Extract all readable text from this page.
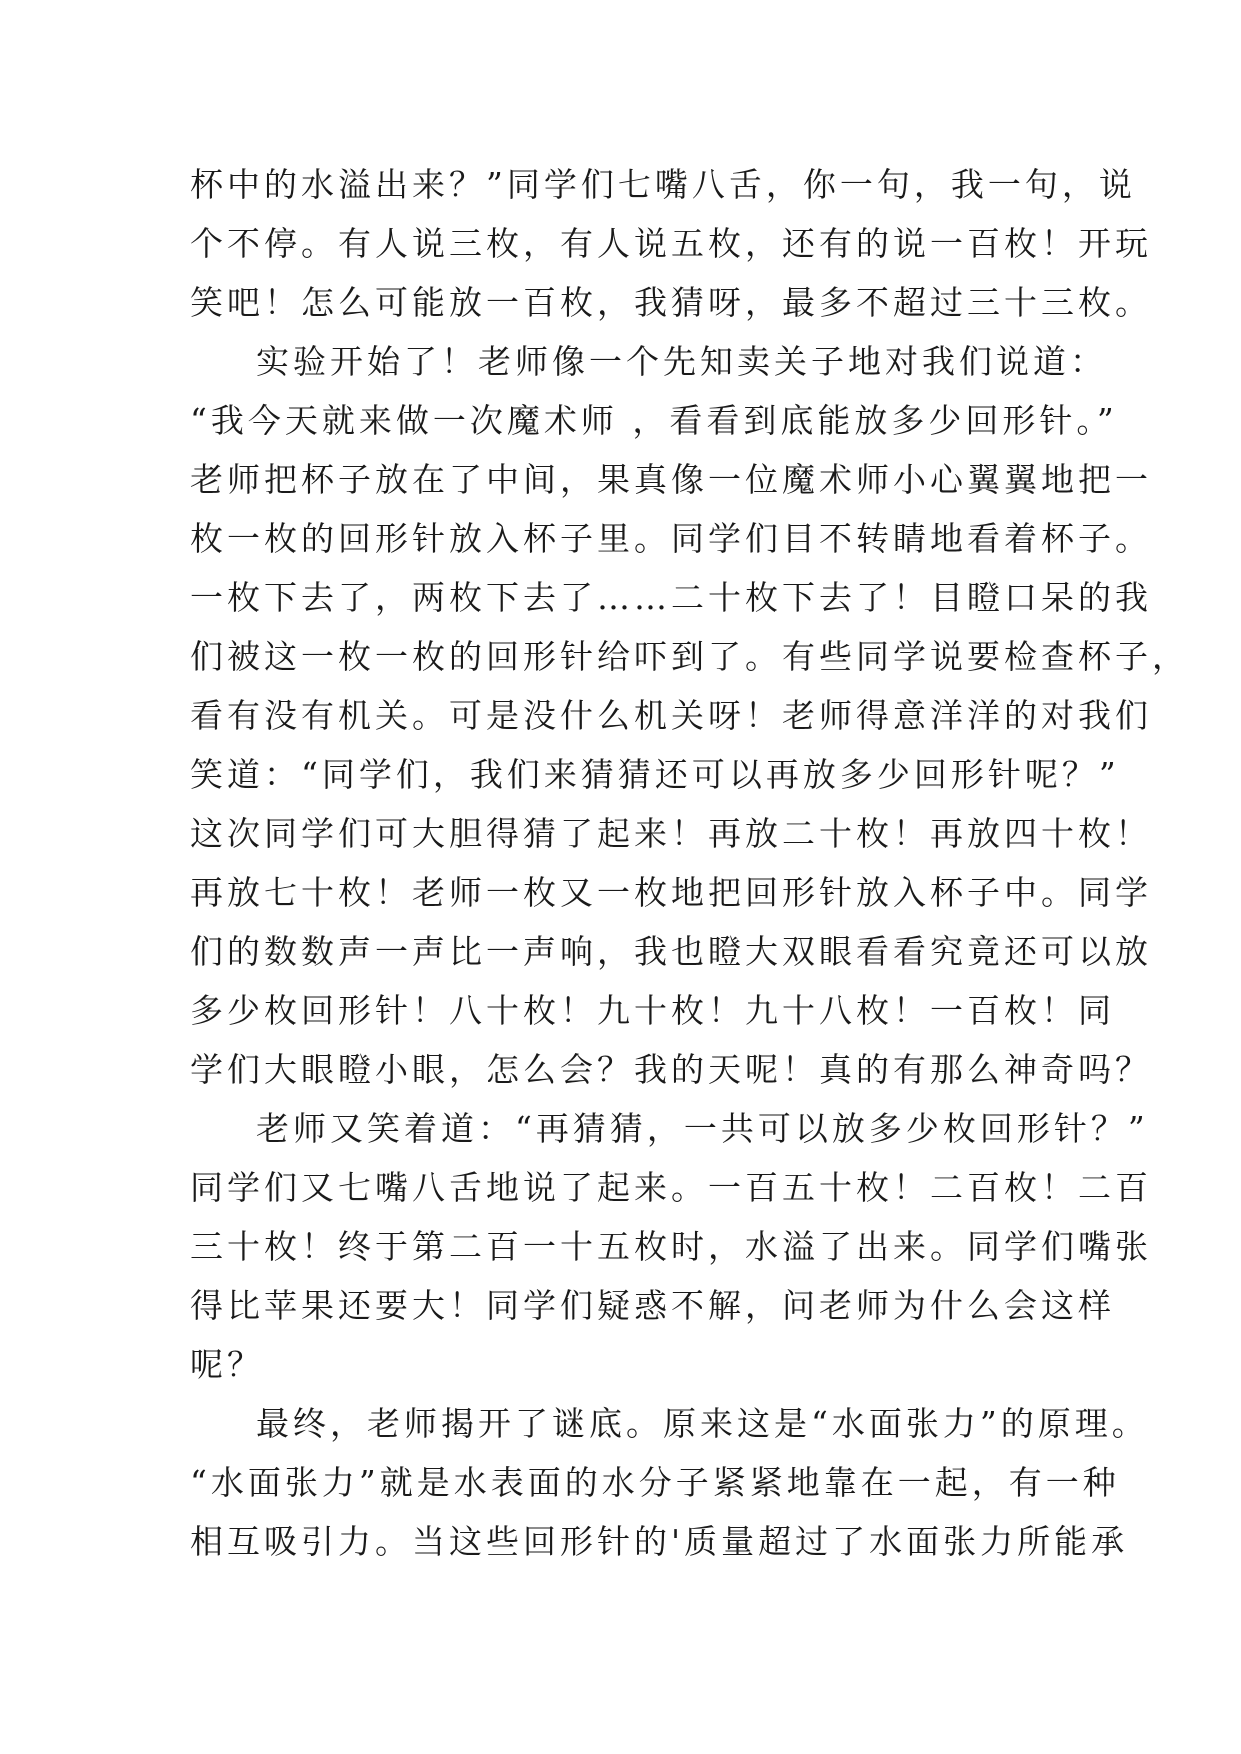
杯中的水溢出来？”同学们七嘴八舌，你一句，我一句，说
个不停。有人说三枚，有人说五枚，还有的说一百枚！开玩
笑吧！怎么可能放一百枚，我猜呀，最多不超过三十三枚。
实验开始了！老师像一个先知卖关子地对我们说道：
“我今天就来做一次魔术师 ，看看到底能放多少回形针。”
老师把杯子放在了中间，果真像一位魔术师小心翼翼地把一
枚一枚的回形针放入杯子里。同学们目不转睛地看着杯子。
一枚下去了，两枚下去了……二十枚下去了！目瞪口呆的我
们被这一枚一枚的回形针给吓到了。有些同学说要检查杯子，
看有没有机关。可是没什么机关呀！老师得意洋洋的对我们
笑道：“同学们，我们来猜猜还可以再放多少回形针呢？”
这次同学们可大胆得猜了起来！再放二十枚！再放四十枚！
再放七十枚！老师一枚又一枚地把回形针放入杯子中。同学
们的数数声一声比一声响，我也瞪大双眼看看究竟还可以放
多少枚回形针！八十枚！九十枚！九十八枚！一百枚！同
学们大眼瞪小眼，怎么会？我的天呢！真的有那么神奇吗？
老师又笑着道：“再猜猜，一共可以放多少枚回形针？”
同学们又七嘴八舌地说了起来。一百五十枚！二百枚！二百
三十枚！终于第二百一十五枚时，水溢了出来。同学们嘴张
得比苹果还要大！同学们疑惑不解，问老师为什么会这样
呢？
最终，老师揭开了谜底。原来这是“水面张力”的原理。
“水面张力”就是水表面的水分子紧紧地靠在一起，有一种
相互吸引力。当这些回形针的'质量超过了水面张力所能承
